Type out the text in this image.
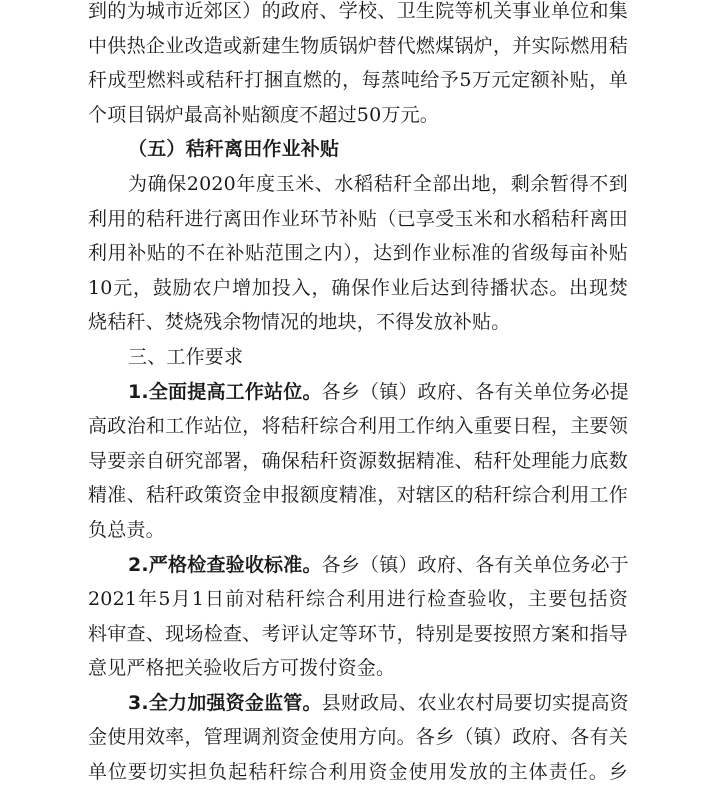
到的为城市近郊区）的政府、学校、卫生院等机关事业单位和集
中供热企业改造或新建生物质锅炉替代燃煤锅炉，并实际燃用秸
秆成型燃料或秸秆打捆直燃的，每蒸吨给予5万元定额补贴，单
个项目锅炉最高补贴额度不超过50万元。
（五）秸秆离田作业补贴
为确保2020年度玉米、水稻秸秆全部出地，剩余暂得不到
利用的秸秆进行离田作业环节补贴（已享受玉米和水稻秸秆离田
利用补贴的不在补贴范围之内），达到作业标准的省级每亩补贴
10元，鼓励农户增加投入，确保作业后达到待播状态。出现焚
烧秸秆、焚烧残余物情况的地块，不得发放补贴。
三、工作要求
1.全面提高工作站位。各乡（镇）政府、各有关单位务必提
高政治和工作站位，将秸秆综合利用工作纳入重要日程，主要领
导要亲自研究部署，确保秸秆资源数据精准、秸秆处理能力底数
精准、秸秆政策资金申报额度精准，对辖区的秸秆综合利用工作
负总责。
2.严格检查验收标准。各乡（镇）政府、各有关单位务必于
2021年5月1日前对秸秆综合利用进行检查验收，主要包括资
料审查、现场检查、考评认定等环节，特别是要按照方案和指导
意见严格把关验收后方可拨付资金。
3.全力加强资金监管。县财政局、农业农村局要切实提高资
金使用效率，管理调剂资金使用方向。各乡（镇）政府、各有关
单位要切实担负起秸秆综合利用资金使用发放的主体责任。乡
